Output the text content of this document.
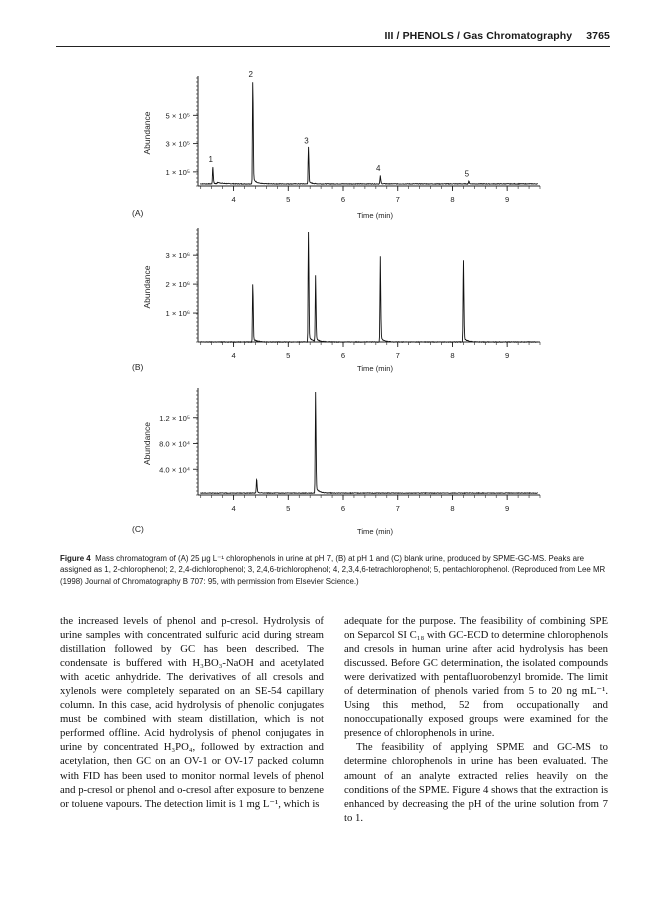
III / PHENOLS / Gas Chromatography 3765
4	5	6	7	8	9
1 × 10⁵
3 × 10⁵
5 × 10⁵
Abundance
Time (min)
(A)
1
2
3
4
5
4	5	6	7	8	9
1 × 10⁶
2 × 10⁶
3 × 10⁶
Abundance
Time (min)
(B)
4	5	6	7	8	9
4.0 × 10⁴
8.0 × 10⁴
1.2 × 10⁵
Abundance
Time (min)
(C)
Figure 4 Mass chromatogram of (A) 25 μg L⁻¹ chlorophenols in urine at pH 7, (B) at pH 1 and (C) blank urine, produced by SPME-GC-MS. Peaks are assigned as 1, 2-chlorophenol; 2, 2,4-dichlorophenol; 3, 2,4,6-trichlorophenol; 4, 2,3,4,6-tetrachlorophenol; 5, pentachlorophenol. (Reproduced from Lee MR (1998) Journal of Chromatography B 707: 95, with permission from Elsevier Science.)

the increased levels of phenol and p-cresol. Hydrolysis of urine samples with concentrated sulfuric acid during stream distillation followed by GC has been described. The condensate is buffered with H₃BO₃-NaOH and acetylated with acetic anhydride. The derivatives of all cresols and xylenols were completely separated on an SE-54 capillary column. In this case, acid hydrolysis of phenolic conjugates must be combined with steam distillation, which is not performed offline. Acid hydrolysis of phenol conjugates in urine by concentrated H₃PO₄, followed by extraction and acetylation, then GC on an OV-1 or OV-17 packed column with FID has been used to monitor normal levels of phenol and p-cresol or phenol and o-cresol after exposure to benzene or toluene vapours. The detection limit is 1 mg L⁻¹, which is

adequate for the purpose. The feasibility of combining SPE on Separcol SI C₁₈ with GC-ECD to determine chlorophenols and cresols in human urine after acid hydrolysis has been discussed. Before GC determination, the isolated compounds were derivatized with pentafluorobenzyl bromide. The limit of determination of phenols varied from 5 to 20 ng mL⁻¹. Using this method, 52 from occupationally and nonoccupationally exposed groups were examined for the presence of chlorophenols in urine.

The feasibility of applying SPME and GC-MS to determine chlorophenols in urine has been evaluated. The amount of an analyte extracted relies heavily on the conditions of the SPME. Figure 4 shows that the extraction is enhanced by decreasing the pH of the urine solution from 7 to 1.
